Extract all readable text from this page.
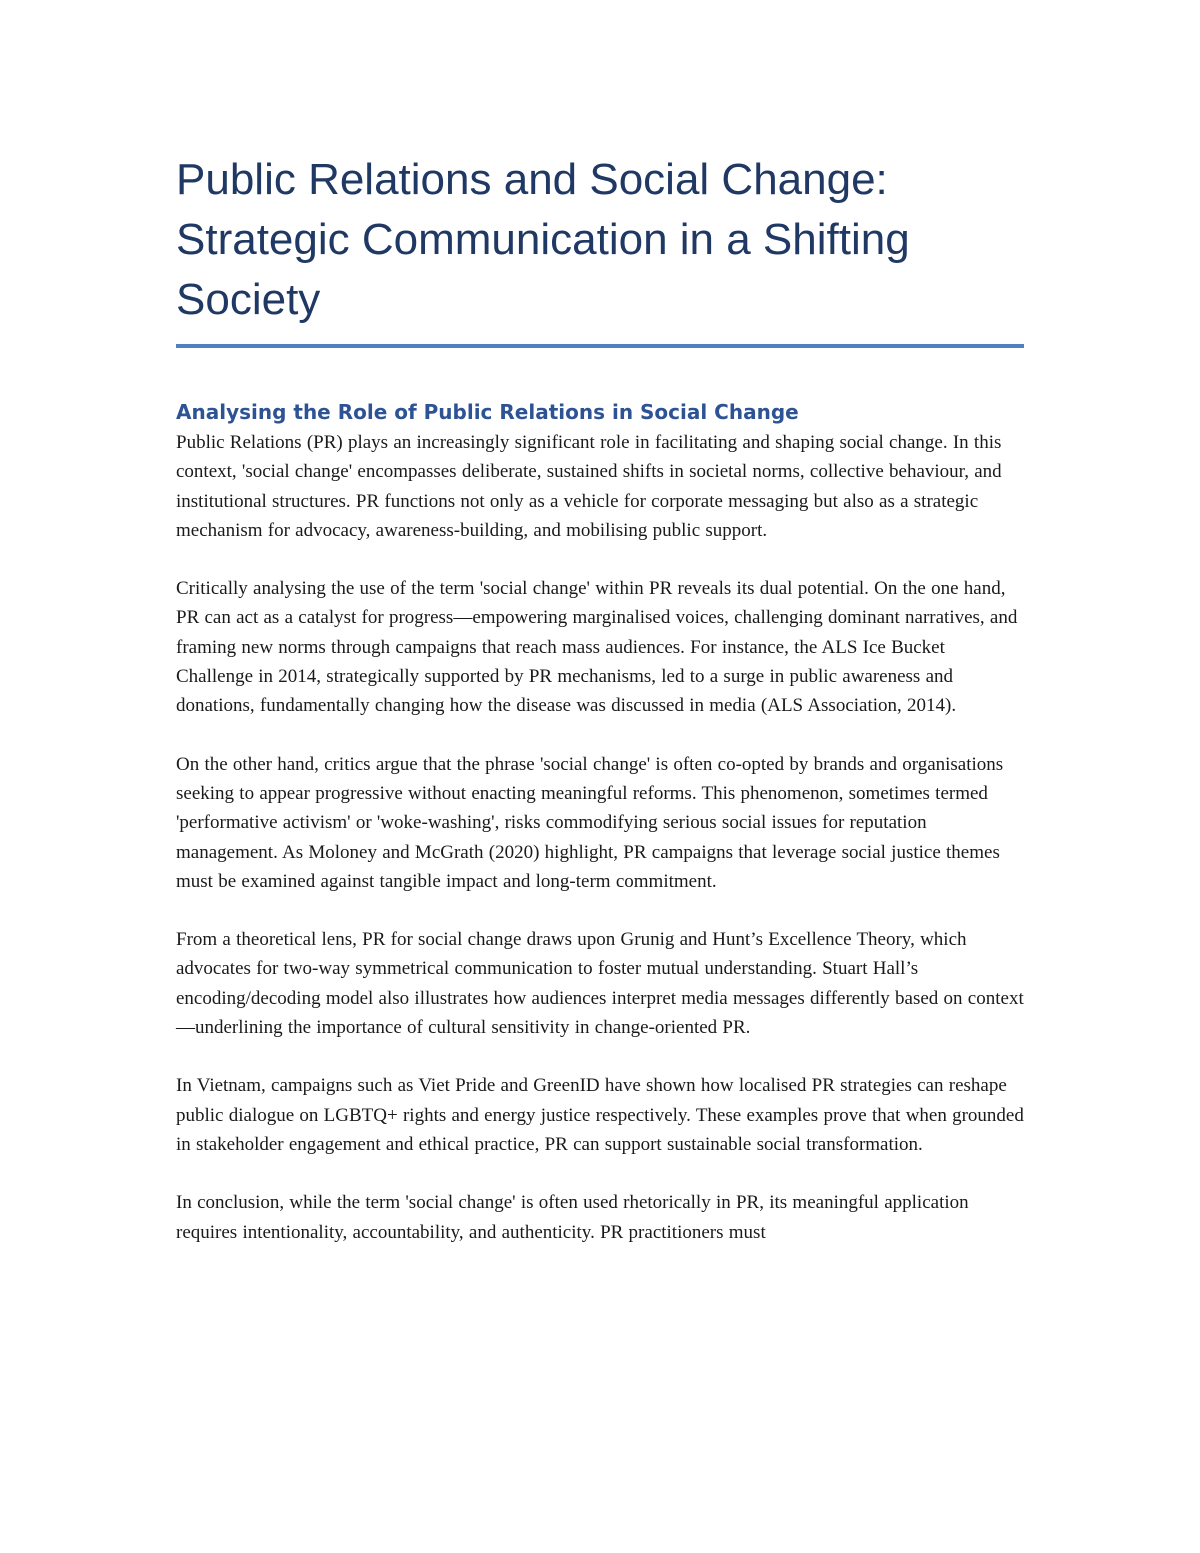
Public Relations and Social Change: Strategic Communication in a Shifting Society
Analysing the Role of Public Relations in Social Change

Public Relations (PR) plays an increasingly significant role in facilitating and shaping social change. In this context, 'social change' encompasses deliberate, sustained shifts in societal norms, collective behaviour, and institutional structures. PR functions not only as a vehicle for corporate messaging but also as a strategic mechanism for advocacy, awareness-building, and mobilising public support.

Critically analysing the use of the term 'social change' within PR reveals its dual potential. On the one hand, PR can act as a catalyst for progress—empowering marginalised voices, challenging dominant narratives, and framing new norms through campaigns that reach mass audiences. For instance, the ALS Ice Bucket Challenge in 2014, strategically supported by PR mechanisms, led to a surge in public awareness and donations, fundamentally changing how the disease was discussed in media (ALS Association, 2014).

On the other hand, critics argue that the phrase 'social change' is often co-opted by brands and organisations seeking to appear progressive without enacting meaningful reforms. This phenomenon, sometimes termed 'performative activism' or 'woke-washing', risks commodifying serious social issues for reputation management. As Moloney and McGrath (2020) highlight, PR campaigns that leverage social justice themes must be examined against tangible impact and long-term commitment.

From a theoretical lens, PR for social change draws upon Grunig and Hunt’s Excellence Theory, which advocates for two-way symmetrical communication to foster mutual understanding. Stuart Hall’s encoding/decoding model also illustrates how audiences interpret media messages differently based on context—underlining the importance of cultural sensitivity in change-oriented PR.

In Vietnam, campaigns such as Viet Pride and GreenID have shown how localised PR strategies can reshape public dialogue on LGBTQ+ rights and energy justice respectively. These examples prove that when grounded in stakeholder engagement and ethical practice, PR can support sustainable social transformation.

In conclusion, while the term 'social change' is often used rhetorically in PR, its meaningful application requires intentionality, accountability, and authenticity. PR practitioners must
